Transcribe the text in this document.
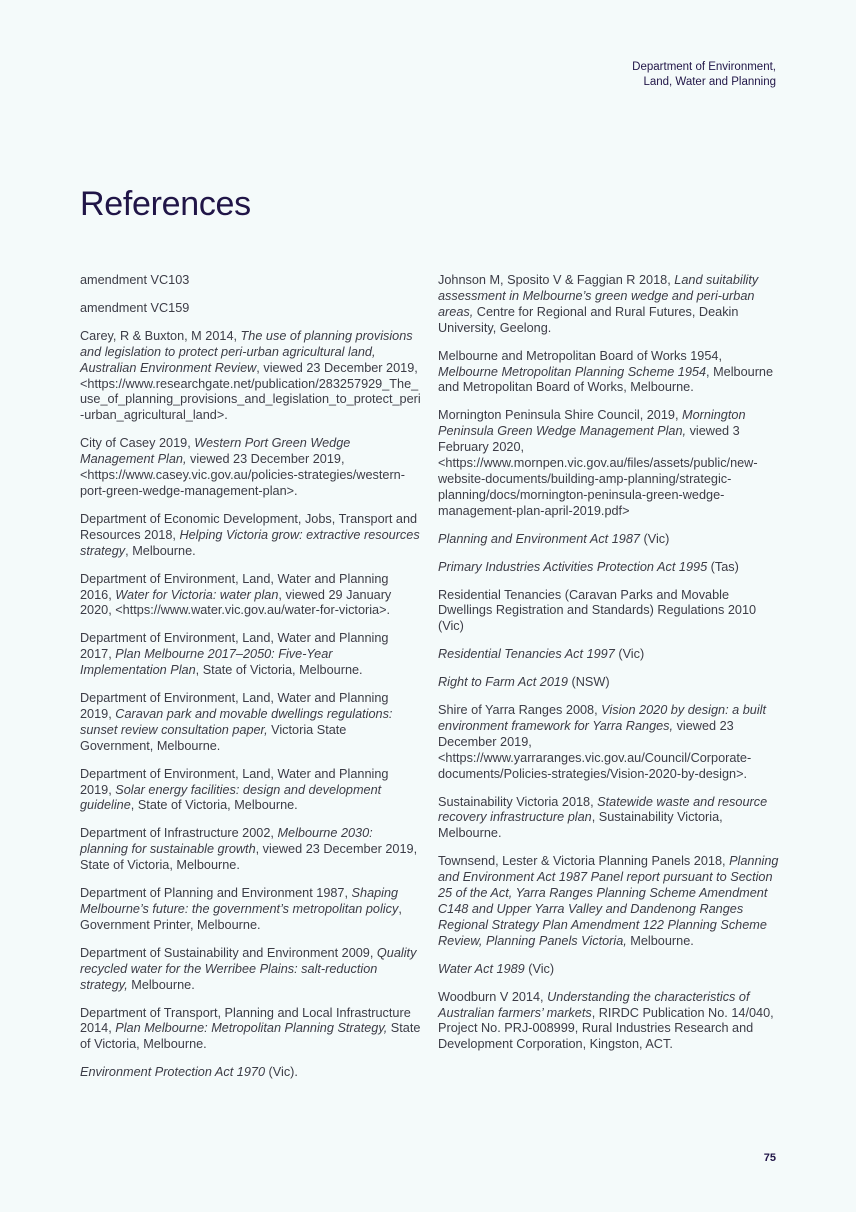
Department of Environment,
Land, Water and Planning
References

amendment VC103

amendment VC159

Carey, R & Buxton, M 2014, The use of planning provisions and legislation to protect peri-urban agricultural land, Australian Environment Review, viewed 23 December 2019, <https://www.researchgate.net/publication/283257929_The_use_of_planning_provisions_and_legislation_to_protect_peri-urban_agricultural_land>.

City of Casey 2019, Western Port Green Wedge Management Plan, viewed 23 December 2019, <https://www.casey.vic.gov.au/policies-strategies/western-port-green-wedge-management-plan>.

Department of Economic Development, Jobs, Transport and Resources 2018, Helping Victoria grow: extractive resources strategy, Melbourne.

Department of Environment, Land, Water and Planning 2016, Water for Victoria: water plan, viewed 29 January 2020, <https://www.water.vic.gov.au/water-for-victoria>.

Department of Environment, Land, Water and Planning 2017, Plan Melbourne 2017–2050: Five-Year Implementation Plan, State of Victoria, Melbourne.

Department of Environment, Land, Water and Planning 2019, Caravan park and movable dwellings regulations: sunset review consultation paper, Victoria State Government, Melbourne.

Department of Environment, Land, Water and Planning 2019, Solar energy facilities: design and development guideline, State of Victoria, Melbourne.

Department of Infrastructure 2002, Melbourne 2030: planning for sustainable growth, viewed 23 December 2019, State of Victoria, Melbourne.

Department of Planning and Environment 1987, Shaping Melbourne’s future: the government’s metropolitan policy, Government Printer, Melbourne.

Department of Sustainability and Environment 2009, Quality recycled water for the Werribee Plains: salt-reduction strategy, Melbourne.

Department of Transport, Planning and Local Infrastructure 2014, Plan Melbourne: Metropolitan Planning Strategy, State of Victoria, Melbourne.

Environment Protection Act 1970 (Vic).

Johnson M, Sposito V & Faggian R 2018, Land suitability assessment in Melbourne’s green wedge and peri-urban areas, Centre for Regional and Rural Futures, Deakin University, Geelong.

Melbourne and Metropolitan Board of Works 1954, Melbourne Metropolitan Planning Scheme 1954, Melbourne and Metropolitan Board of Works, Melbourne.

Mornington Peninsula Shire Council, 2019, Mornington Peninsula Green Wedge Management Plan, viewed 3 February 2020, <https://www.mornpen.vic.gov.au/files/assets/public/new-website-documents/building-amp-planning/strategic-planning/docs/mornington-peninsula-green-wedge-management-plan-april-2019.pdf>

Planning and Environment Act 1987 (Vic)

Primary Industries Activities Protection Act 1995 (Tas)

Residential Tenancies (Caravan Parks and Movable Dwellings Registration and Standards) Regulations 2010 (Vic)

Residential Tenancies Act 1997 (Vic)

Right to Farm Act 2019 (NSW)

Shire of Yarra Ranges 2008, Vision 2020 by design: a built environment framework for Yarra Ranges, viewed 23 December 2019, <https://www.yarraranges.vic.gov.au/Council/Corporate-documents/Policies-strategies/Vision-2020-by-design>.

Sustainability Victoria 2018, Statewide waste and resource recovery infrastructure plan, Sustainability Victoria, Melbourne.

Townsend, Lester & Victoria Planning Panels 2018, Planning and Environment Act 1987 Panel report pursuant to Section 25 of the Act, Yarra Ranges Planning Scheme Amendment C148 and Upper Yarra Valley and Dandenong Ranges Regional Strategy Plan Amendment 122 Planning Scheme Review, Planning Panels Victoria, Melbourne.

Water Act 1989 (Vic)

Woodburn V 2014, Understanding the characteristics of Australian farmers’ markets, RIRDC Publication No. 14/040, Project No. PRJ-008999, Rural Industries Research and Development Corporation, Kingston, ACT.

75
